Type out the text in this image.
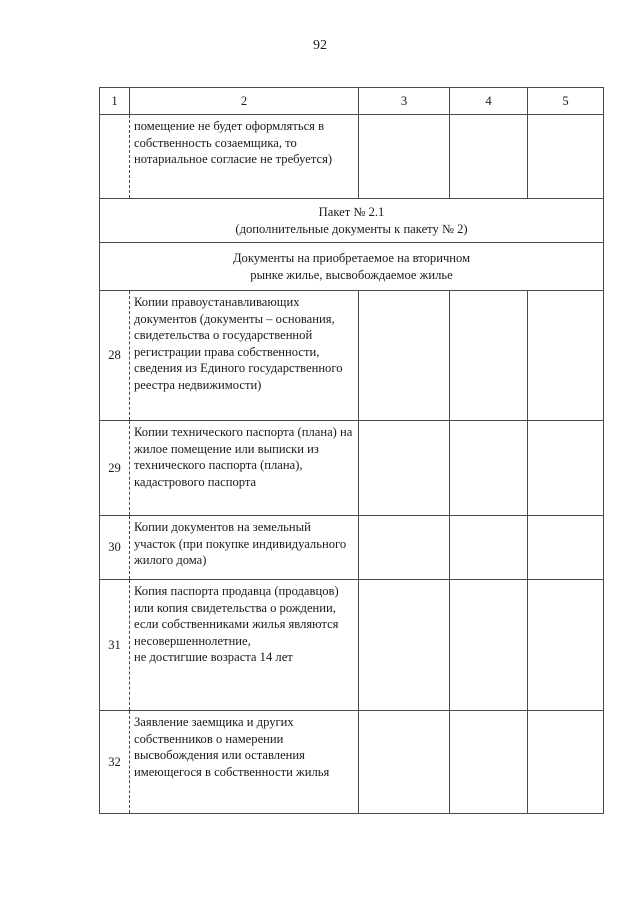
92
1	2	3	4	5
	помещение не будет оформляться в собственность созаемщика, то нотариальное согласие не требуется)			

Пакет № 2.1
(дополнительные документы к пакету № 2)				

Документы на приобретаемое на вторичном
рынке жилье, высвобождаемое жилье				

28	Копии правоустанавливающих документов (документы – основания, свидетельства о государственной регистрации права собственности, сведения из Единого государственного реестра недвижимости)			
29	Копии технического паспорта (плана) на жилое помещение или выписки из технического паспорта (плана), кадастрового паспорта			
30	Копии документов на земельный участок (при покупке индивидуального жилого дома)			
31	Копия паспорта продавца (продавцов) или копия свидетельства о рождении, если собственниками жилья являются несовершеннолетние,
не достигшие возраста 14 лет			
32	Заявление заемщика и других собственников о намерении высвобождения или оставления имеющегося в собственности жилья			
